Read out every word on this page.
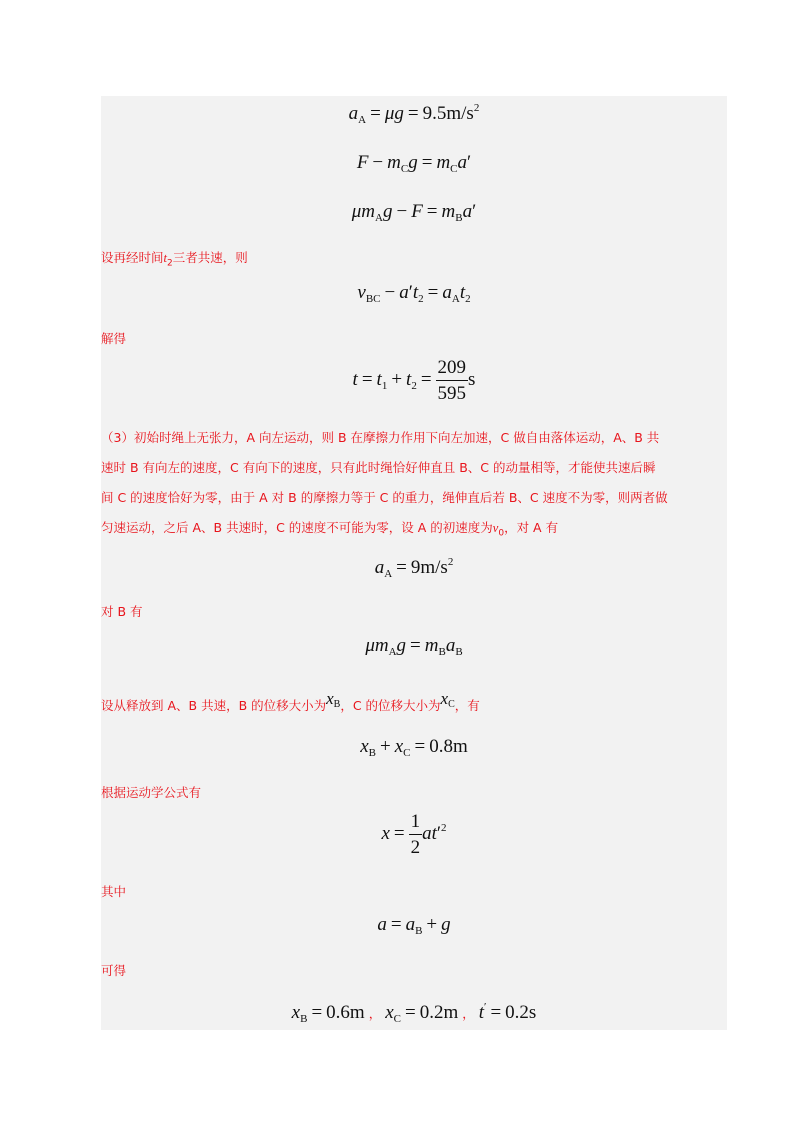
$a_A = \mu g = 9.5m/s^2$
$F - m_Cg = m_Ca'$
$\mu m_Ag - F = m_Ba'$
设再经时间$t_2$三者共速，则
$v_{BC} - a't_2 = a_At_2$
解得
$t = t_1 + t_2 = \frac{209}{595}$ s
（3）初始时绳上无张力，A 向左运动，则 B 在摩擦力作用下向左加速，C 做自由落体运动，A、B 共
速时 B 有向左的速度，C 有向下的速度，只有此时绳恰好伸直且 B、C 的动量相等，才能使共速后瞬
间 C 的速度恰好为零，由于 A 对 B 的摩擦力等于 C 的重力，绳伸直后若 B、C 速度不为零，则两者做
匀速运动，之后 A、B 共速时，C 的速度不可能为零，设 A 的初速度为$v_0$，对 A 有
$a_A = 9m/s^2$
对 B 有
$\mu m_Ag = m_Ba_B$
设从释放到 A、B 共速，B 的位移大小为$x_B$，C 的位移大小为$x_C$，有
$x_B + x_C = 0.8m$
根据运动学公式有
$x = \frac{1}{2} at'^2$
其中
$a = a_B + g$
可得
$x_B = 0.6m$ ， $x_C = 0.2m$ ， t′ = 0.2s
